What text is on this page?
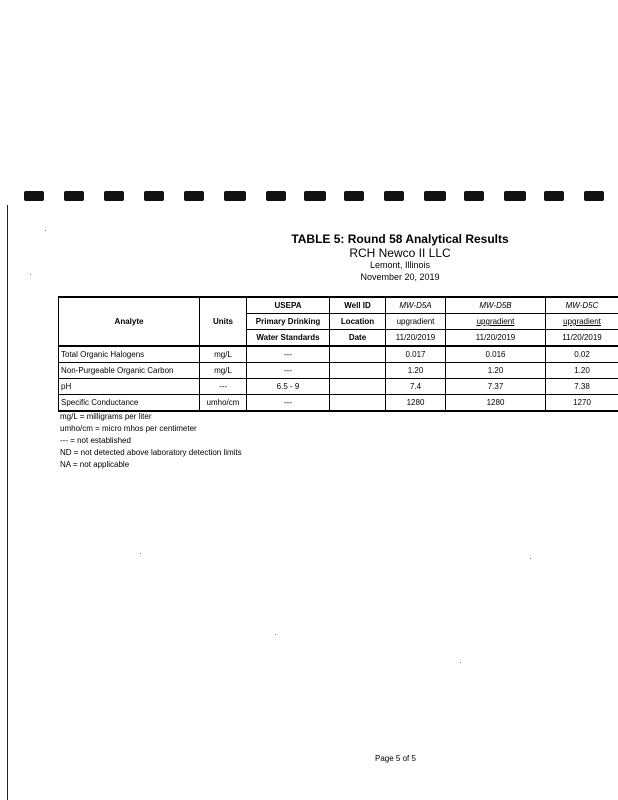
TABLE 5: Round 58 Analytical Results
RCH Newco II LLC
Lemont, Illinois
November 20, 2019
Analyte	Units	USEPA	Well ID	MW-D5A	MW-D5B	MW-D5C
		Primary Drinking	Location	upgradient	upgradient	upgradient
		Water Standards	Date	11/20/2019	11/20/2019	11/20/2019
Total Organic Halogens	mg/L	---		0.017	0.016	0.02
Non-Purgeable Organic Carbon	mg/L	---		1.20	1.20	1.20
pH	---	6.5 - 9		7.4	7.37	7.38
Specific Conductance	umho/cm	---		1280	1280	1270
mg/L = milligrams per liter
umho/cm = micro mhos per centimeter
--- = not established
ND = not detected above laboratory detection limits
NA = not applicable
Page 5 of 5
